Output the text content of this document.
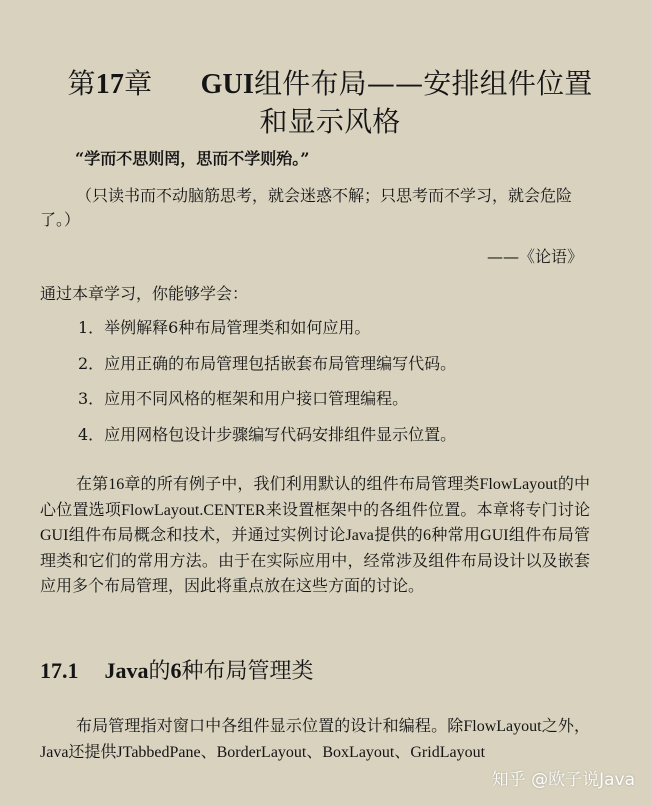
第17章 GUI组件布局——安排组件位置
和显示风格
“学而不思则罔，思而不学则殆。”
（只读书而不动脑筋思考，就会迷惑不解；只思考而不学习，就会危险了。）
——《论语》
通过本章学习，你能够学会：
1．举例解释6种布局管理类和如何应用。
2．应用正确的布局管理包括嵌套布局管理编写代码。
3．应用不同风格的框架和用户接口管理编程。
4．应用网格包设计步骤编写代码安排组件显示位置。
在第16章的所有例子中，我们利用默认的组件布局管理类FlowLayout的中心位置选项FlowLayout.CENTER来设置框架中的各组件位置。本章将专门讨论GUI组件布局概念和技术，并通过实例讨论Java提供的6种常用GUI组件布局管理类和它们的常用方法。由于在实际应用中，经常涉及组件布局设计以及嵌套应用多个布局管理，因此将重点放在这些方面的讨论。
17.1 Java的6种布局管理类
布局管理指对窗口中各组件显示位置的设计和编程。除FlowLayout之外，Java还提供JTabbedPane、BorderLayout、BoxLayout、GridLayout
知乎 @欧子说Java
